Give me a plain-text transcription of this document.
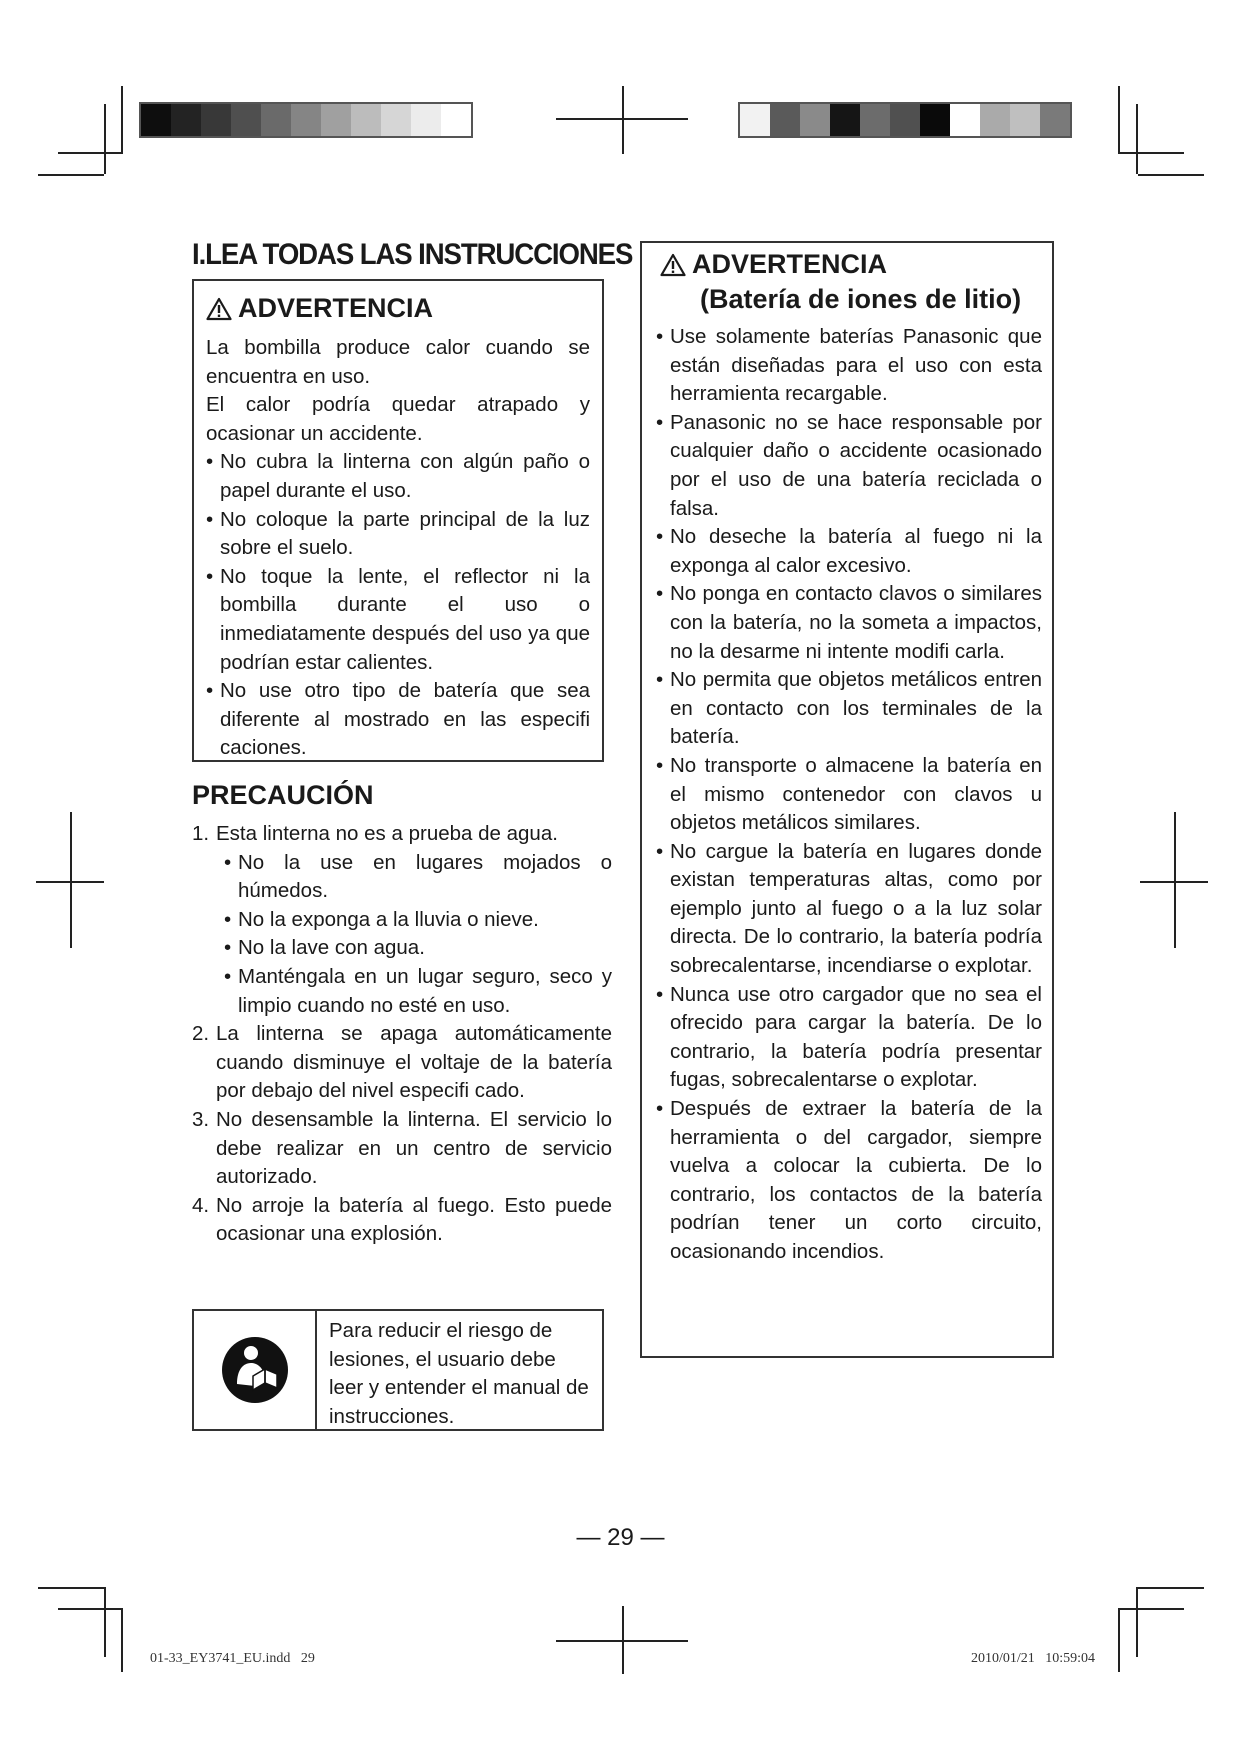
I.LEA TODAS LAS INSTRUCCIONES
ADVERTENCIA
La bombilla produce calor cuando se encuentra en uso.
El calor podría quedar atrapado y ocasionar un accidente.
• No cubra la linterna con algún paño o papel durante el uso.
• No coloque la parte principal de la luz sobre el suelo.
• No toque la lente, el reflector ni la bombilla durante el uso o inmediatamente después del uso ya que podrían estar calientes.
• No use otro tipo de batería que sea diferente al mostrado en las especifi caciones.
PRECAUCIÓN
1. Esta linterna no es a prueba de agua.
• No la use en lugares mojados o húmedos.
• No la exponga a la lluvia o nieve.
• No la lave con agua.
• Manténgala en un lugar seguro, seco y limpio cuando no esté en uso.
2. La linterna se apaga automáticamente cuando disminuye el voltaje de la batería por debajo del nivel especifi cado.
3. No desensamble la linterna. El servicio lo debe realizar en un centro de servicio autorizado.
4. No arroje la batería al fuego. Esto puede ocasionar una explosión.
Para reducir el riesgo de lesiones, el usuario debe leer y entender el manual de instrucciones.
ADVERTENCIA
(Batería de iones de litio)
• Use solamente baterías Panasonic que están diseñadas para el uso con esta herramienta recargable.
• Panasonic no se hace responsable por cualquier daño o accidente ocasionado por el uso de una batería reciclada o falsa.
• No deseche la batería al fuego ni la exponga al calor excesivo.
• No ponga en contacto clavos o similares con la batería, no la someta a impactos, no la desarme ni intente modifi carla.
• No permita que objetos metálicos entren en contacto con los terminales de la batería.
• No transporte o almacene la batería en el mismo contenedor con clavos u objetos metálicos similares.
• No cargue la batería en lugares donde existan temperaturas altas, como por ejemplo junto al fuego o a la luz solar directa. De lo contrario, la batería podría sobrecalentarse, incendiarse o explotar.
• Nunca use otro cargador que no sea el ofrecido para cargar la batería. De lo contrario, la batería podría presentar fugas, sobrecalentarse o explotar.
• Después de extraer la batería de la herramienta o del cargador, siempre vuelva a colocar la cubierta. De lo contrario, los contactos de la batería podrían tener un corto circuito, ocasionando incendios.
— 29 —
01-33_EY3741_EU.indd   29	2010/01/21   10:59:04
